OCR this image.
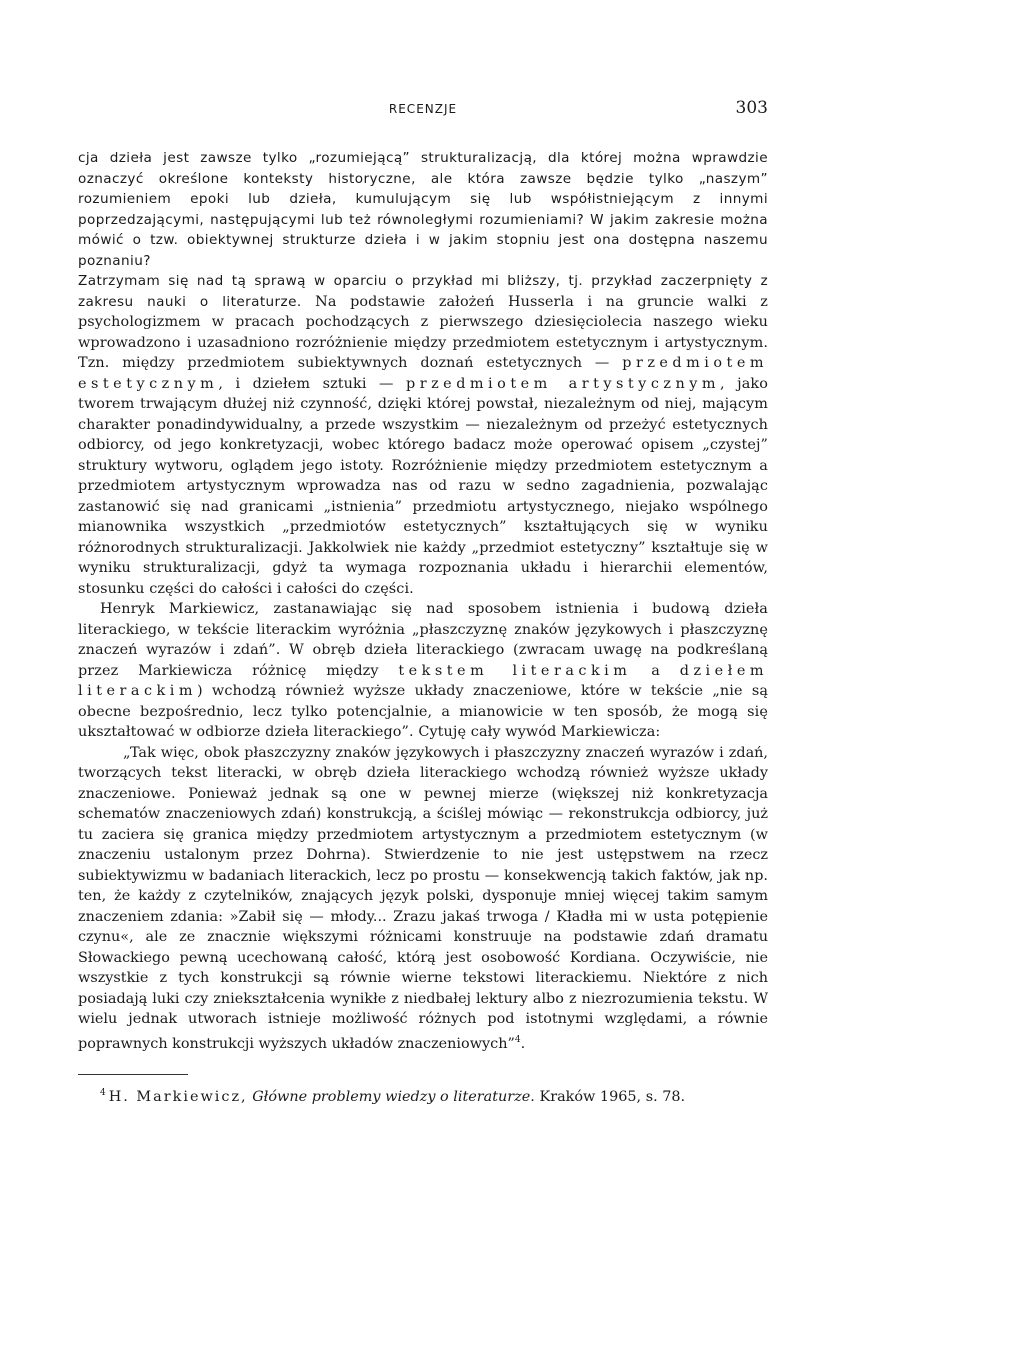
RECENZJE	303

cja dzieła jest zawsze tylko „rozumiejącą” strukturalizacją, dla której można wprawdzie oznaczyć określone konteksty historyczne, ale która zawsze będzie tylko „naszym” rozumieniem epoki lub dzieła, kumulującym się lub współistniejącym z innymi poprzedzającymi, następującymi lub też równoległymi rozumieniami? W jakim zakresie można mówić o tzw. obiektywnej strukturze dzieła i w jakim stopniu jest ona dostępna naszemu poznaniu?

Zatrzymam się nad tą sprawą w oparciu o przykład mi bliższy, tj. przykład zaczerpnięty z zakresu nauki o literaturze. Na podstawie założeń Husserla i na gruncie walki z psychologizmem w pracach pochodzących z pierwszego dziesięciolecia naszego wieku wprowadzono i uzasadniono rozróżnienie między przedmiotem estetycznym i artystycznym. Tzn. między przedmiotem subiektywnych doznań estetycznych — przedmiotem estetycznym, i dziełem sztuki — przedmiotem artystycznym, jako tworem trwającym dłużej niż czynność, dzięki której powstał, niezależnym od niej, mającym charakter ponadindywidualny, a przede wszystkim — niezależnym od przeżyć estetycznych odbiorcy, od jego konkretyzacji, wobec którego badacz może operować opisem „czystej” struktury wytworu, oglądem jego istoty. Rozróżnienie między przedmiotem estetycznym a przedmiotem artystycznym wprowadza nas od razu w sedno zagadnienia, pozwalając zastanowić się nad granicami „istnienia” przedmiotu artystycznego, niejako wspólnego mianownika wszystkich „przedmiotów estetycznych” kształtujących się w wyniku różnorodnych strukturalizacji. Jakkolwiek nie każdy „przedmiot estetyczny” kształtuje się w wyniku strukturalizacji, gdyż ta wymaga rozpoznania układu i hierarchii elementów, stosunku części do całości i całości do części.

Henryk Markiewicz, zastanawiając się nad sposobem istnienia i budową dzieła literackiego, w tekście literackim wyróżnia „płaszczyznę znaków językowych i płaszczyznę znaczeń wyrazów i zdań”. W obręb dzieła literackiego (zwracam uwagę na podkreślaną przez Markiewicza różnicę między tekstem literackim a dziełem literackim) wchodzą również wyższe układy znaczeniowe, które w tekście „nie są obecne bezpośrednio, lecz tylko potencjalnie, a mianowicie w ten sposób, że mogą się ukształtować w odbiorze dzieła literackiego”. Cytuję cały wywód Markiewicza:

„Tak więc, obok płaszczyzny znaków językowych i płaszczyzny znaczeń wyrazów i zdań, tworzących tekst literacki, w obręb dzieła literackiego wchodzą również wyższe układy znaczeniowe. Ponieważ jednak są one w pewnej mierze (większej niż konkretyzacja schematów znaczeniowych zdań) konstrukcją, a ściślej mówiąc — rekonstrukcja odbiorcy, już tu zaciera się granica między przedmiotem artystycznym a przedmiotem estetycznym (w znaczeniu ustalonym przez Dohrna). Stwierdzenie to nie jest ustępstwem na rzecz subiektywizmu w badaniach literackich, lecz po prostu — konsekwencją takich faktów, jak np. ten, że każdy z czytelników, znających język polski, dysponuje mniej więcej takim samym znaczeniem zdania: »Zabił się — młody... Zrazu jakaś trwoga / Kładła mi w usta potępienie czynu«, ale ze znacznie większymi różnicami konstruuje na podstawie zdań dramatu Słowackiego pewną ucechowaną całość, którą jest osobowość Kordiana. Oczywiście, nie wszystkie z tych konstrukcji są równie wierne tekstowi literackiemu. Niektóre z nich posiadają luki czy zniekształcenia wynikłe z niedbałej lektury albo z niezrozumienia tekstu. W wielu jednak utworach istnieje możliwość różnych pod istotnymi względami, a równie poprawnych konstrukcji wyższych układów znaczeniowych”$^4$.

$^4$ H. Markiewicz, Główne problemy wiedzy o literaturze. Kraków 1965, s. 78.
